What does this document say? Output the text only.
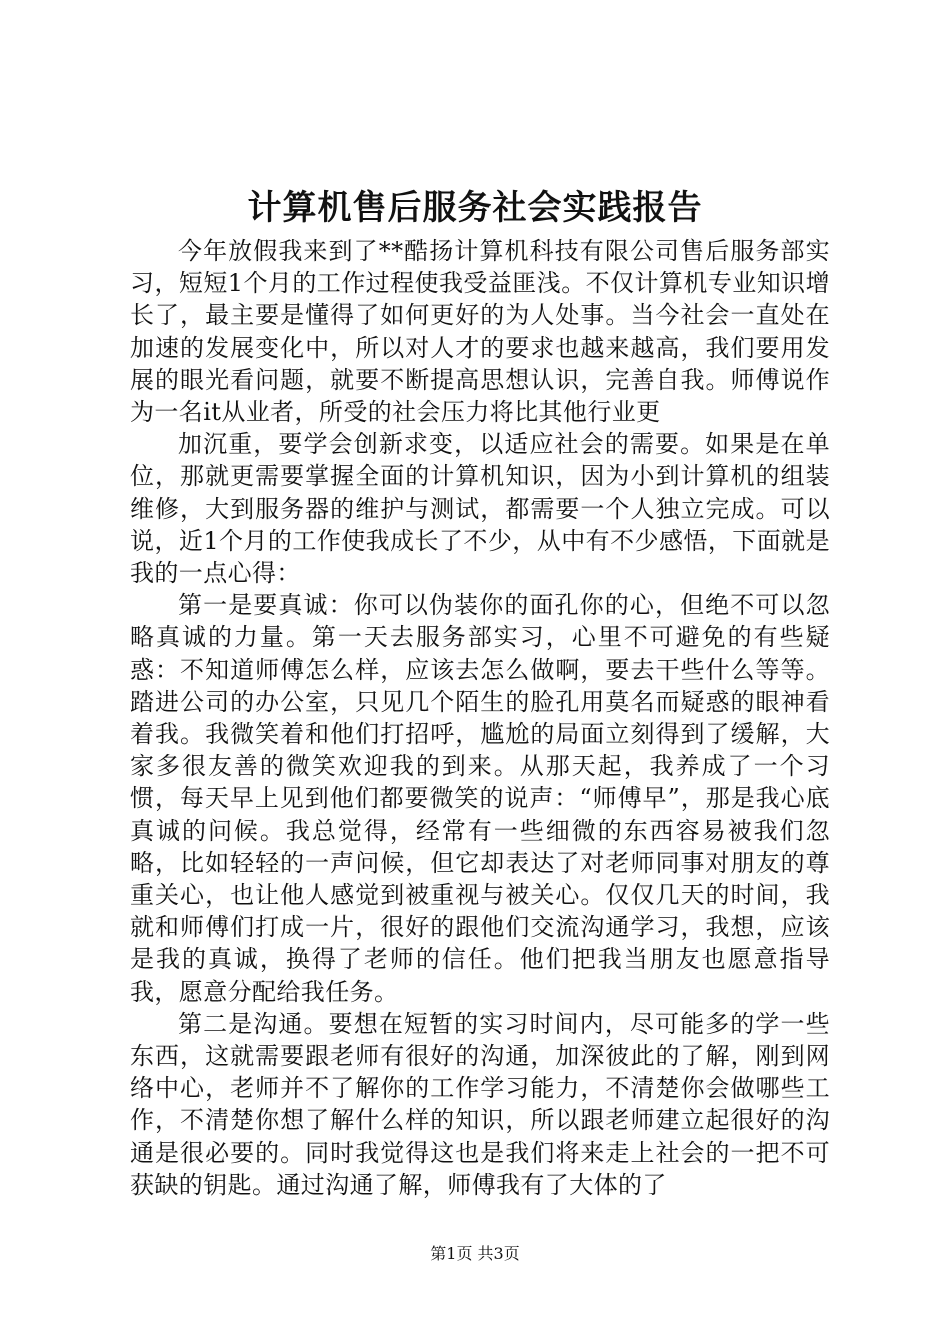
计算机售后服务社会实践报告

今年放假我来到了**酷扬计算机科技有限公司售后服务部实习，短短1个月的工作过程使我受益匪浅。不仅计算机专业知识增长了，最主要是懂得了如何更好的为人处事。当今社会一直处在加速的发展变化中，所以对人才的要求也越来越高，我们要用发展的眼光看问题，就要不断提高思想认识，完善自我。师傅说作为一名it从业者，所受的社会压力将比其他行业更

加沉重，要学会创新求变，以适应社会的需要。如果是在单位，那就更需要掌握全面的计算机知识，因为小到计算机的组装维修，大到服务器的维护与测试，都需要一个人独立完成。可以说，近1个月的工作使我成长了不少，从中有不少感悟，下面就是我的一点心得：

第一是要真诚：你可以伪装你的面孔你的心，但绝不可以忽略真诚的力量。第一天去服务部实习，心里不可避免的有些疑惑：不知道师傅怎么样，应该去怎么做啊，要去干些什么等等。踏进公司的办公室，只见几个陌生的脸孔用莫名而疑惑的眼神看着我。我微笑着和他们打招呼，尴尬的局面立刻得到了缓解，大家多很友善的微笑欢迎我的到来。从那天起，我养成了一个习惯，每天早上见到他们都要微笑的说声：“师傅早”，那是我心底真诚的问候。我总觉得，经常有一些细微的东西容易被我们忽略，比如轻轻的一声问候，但它却表达了对老师同事对朋友的尊重关心，也让他人感觉到被重视与被关心。仅仅几天的时间，我就和师傅们打成一片，很好的跟他们交流沟通学习，我想，应该是我的真诚，换得了老师的信任。他们把我当朋友也愿意指导我，愿意分配给我任务。

第二是沟通。要想在短暂的实习时间内，尽可能多的学一些东西，这就需要跟老师有很好的沟通，加深彼此的了解，刚到网络中心，老师并不了解你的工作学习能力，不清楚你会做哪些工作，不清楚你想了解什么样的知识，所以跟老师建立起很好的沟通是很必要的。同时我觉得这也是我们将来走上社会的一把不可获缺的钥匙。通过沟通了解，师傅我有了大体的了

第1页 共3页
